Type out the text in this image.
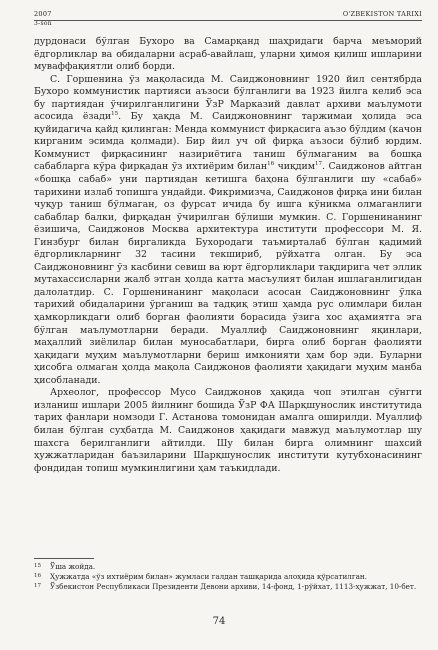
2007	O'ZBEKISTON TARIXI
3-son

дурдонаси бўлган Бухоро ва Самарқанд шаҳридаги барча меъморий ёдгорликлар ва обидаларни асраб-авайлаш, уларни ҳимоя қилиш ишларини муваффақиятли олиб борди.

С. Горшенина ўз мақоласида М. Саиджоновнинг 1920 йил сентябрда Бухоро коммунистик партияси аъзоси бўлганлиги ва 1923 йилга келиб эса бу партиядан ўчирилганлигини ЎзР Марказий давлат архиви маълумоти асосида ёзади$^{15}$. Бу ҳақда М. Саиджоновнинг таржимаи ҳолида эса қуйидагича қайд қилинган: Менда коммунист фирқасига аъзо бўлдим (качон кирганим эсимда қолмади). Бир йил уч ой фирқа аъзоси бўлиб юрдим. Коммунист фирқасининг назириётига таниш бўлмаганим ва бошқа сабабларга кўра фирқадан ўз ихтиёрим билан$^{16}$ чиқдим$^{17}$. Саиджонов айтган «бошқа сабаб» уни партиядан кетишга баҳона бўлганлиги шу «сабаб» тарихини излаб топишга ундайди. Фикримизча, Саиджонов фирқа ини билан чуқур таниш бўлмаган, оз фурсат ичида бу ишга кўникма олмаганлиги сабаблар балки, фирқадан ўчирилган бўлиши мумкин. С. Горшенинанинг ёзишича, Саиджонов Москва архитектура институти профессори М. Я. Гинзбург билан биргаликда Бухородаги таъмирталаб бўлган қадимий ёдгорликларнинг 32 тасини текшириб, рўйхатга олган. Бу эса Саиджоновнинг ўз касбини севиш ва юрт ёдгорликлари тақдирига чет эллик мутахассисларни жалб этган ҳолда катта масъулият билан ишлаганлигидан далолатдир. С. Горшенинанинг мақоласи асосан Саиджоновнинг ўлка тарихий обидаларини ўрганиш ва тадқиқ этиш ҳамда рус олимлари билан ҳамкорликдаги олиб борган фаолияти борасида ўзига хос аҳамиятга эга бўлган маълумотларни беради. Муаллиф Саиджоновнинг яқинлари, маҳаллий зиёлилар билан муносабатлари, бирга олиб борган фаолияти ҳақидаги муҳим маълумотларни бериш имконияти ҳам бор эди. Буларни ҳисобга олмаган ҳолда мақола Саиджонов фаолияти ҳақидаги муҳим манба ҳисобланади.

Археолог, профессор Мусо Саиджонов ҳақида чоп этилган сўнгги изланиш ишлари 2005 йилнинг бошида ЎзР ФА Шарқшунослик институтида тарих фанлари номзоди Г. Астанова томонидан амалга оширилди. Муаллиф билан бўлган суҳбатда М. Саиджонов ҳақидаги мавжуд маълумотлар шу шахсга берилганлиги айтилди. Шу билан бирга олимнинг шахсий ҳужжатларидан баъзиларини Шарқшунослик институти кутубхонасининг фондидан топиш мумкинлигини ҳам таъкидлади.

15 Ўша жойда.
16 Ҳужжатда «ўз ихтиёрим билан» жумласи галдан ташқарида алоҳида қўрсатилган.
17 Ўзбекистон Республикаси Президенти Девони архиви, 14-фонд, 1-рўйхат, 1113-ҳужжат, 10-бет.
74
